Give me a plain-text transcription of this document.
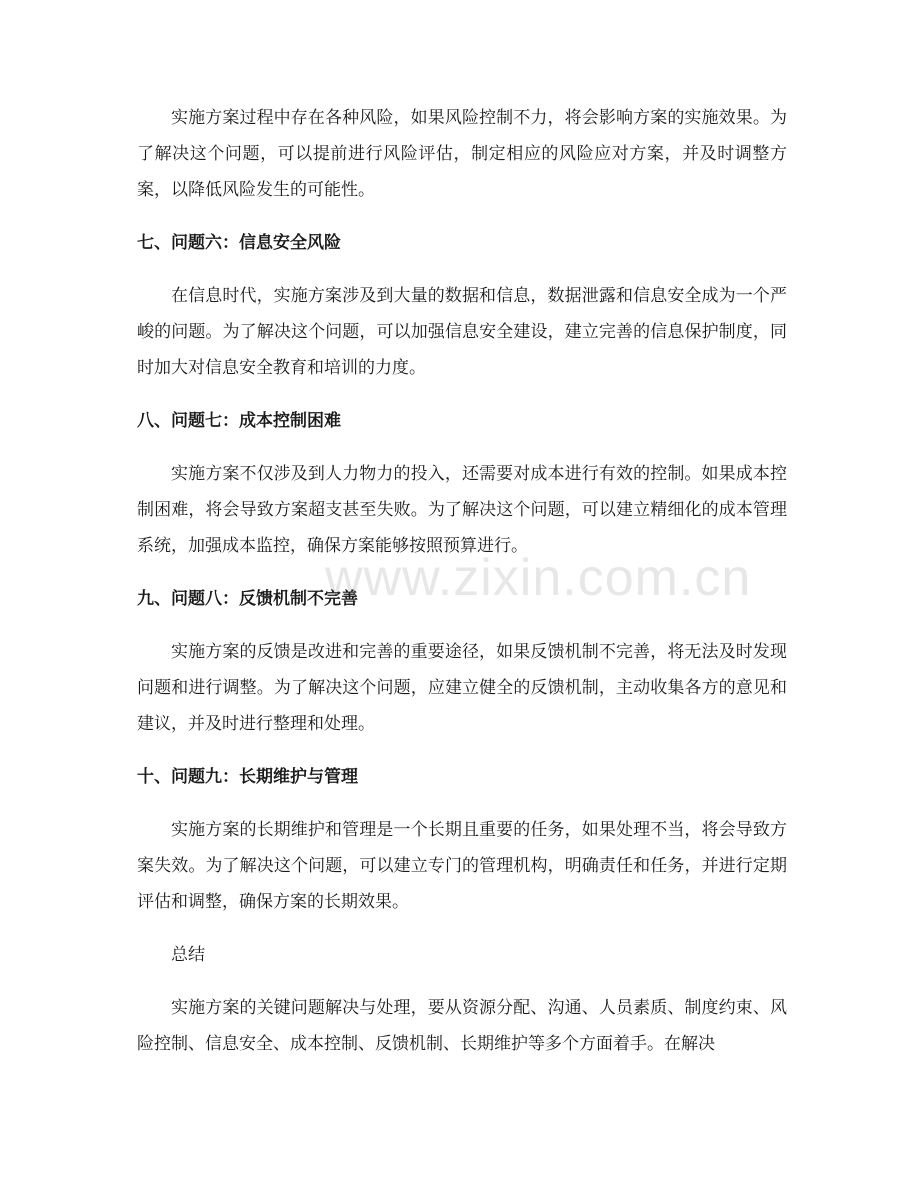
实施方案过程中存在各种风险，如果风险控制不力，将会影响方案的实施效果。为了解决这个问题，可以提前进行风险评估，制定相应的风险应对方案，并及时调整方案，以降低风险发生的可能性。

七、问题六：信息安全风险

在信息时代，实施方案涉及到大量的数据和信息，数据泄露和信息安全成为一个严峻的问题。为了解决这个问题，可以加强信息安全建设，建立完善的信息保护制度，同时加大对信息安全教育和培训的力度。

八、问题七：成本控制困难

实施方案不仅涉及到人力物力的投入，还需要对成本进行有效的控制。如果成本控制困难，将会导致方案超支甚至失败。为了解决这个问题，可以建立精细化的成本管理系统，加强成本监控，确保方案能够按照预算进行。

九、问题八：反馈机制不完善

实施方案的反馈是改进和完善的重要途径，如果反馈机制不完善，将无法及时发现问题和进行调整。为了解决这个问题，应建立健全的反馈机制，主动收集各方的意见和建议，并及时进行整理和处理。

十、问题九：长期维护与管理

实施方案的长期维护和管理是一个长期且重要的任务，如果处理不当，将会导致方案失效。为了解决这个问题，可以建立专门的管理机构，明确责任和任务，并进行定期评估和调整，确保方案的长期效果。

总结

实施方案的关键问题解决与处理，要从资源分配、沟通、人员素质、制度约束、风险控制、信息安全、成本控制、反馈机制、长期维护等多个方面着手。在解决

www.zixin.com.cn
